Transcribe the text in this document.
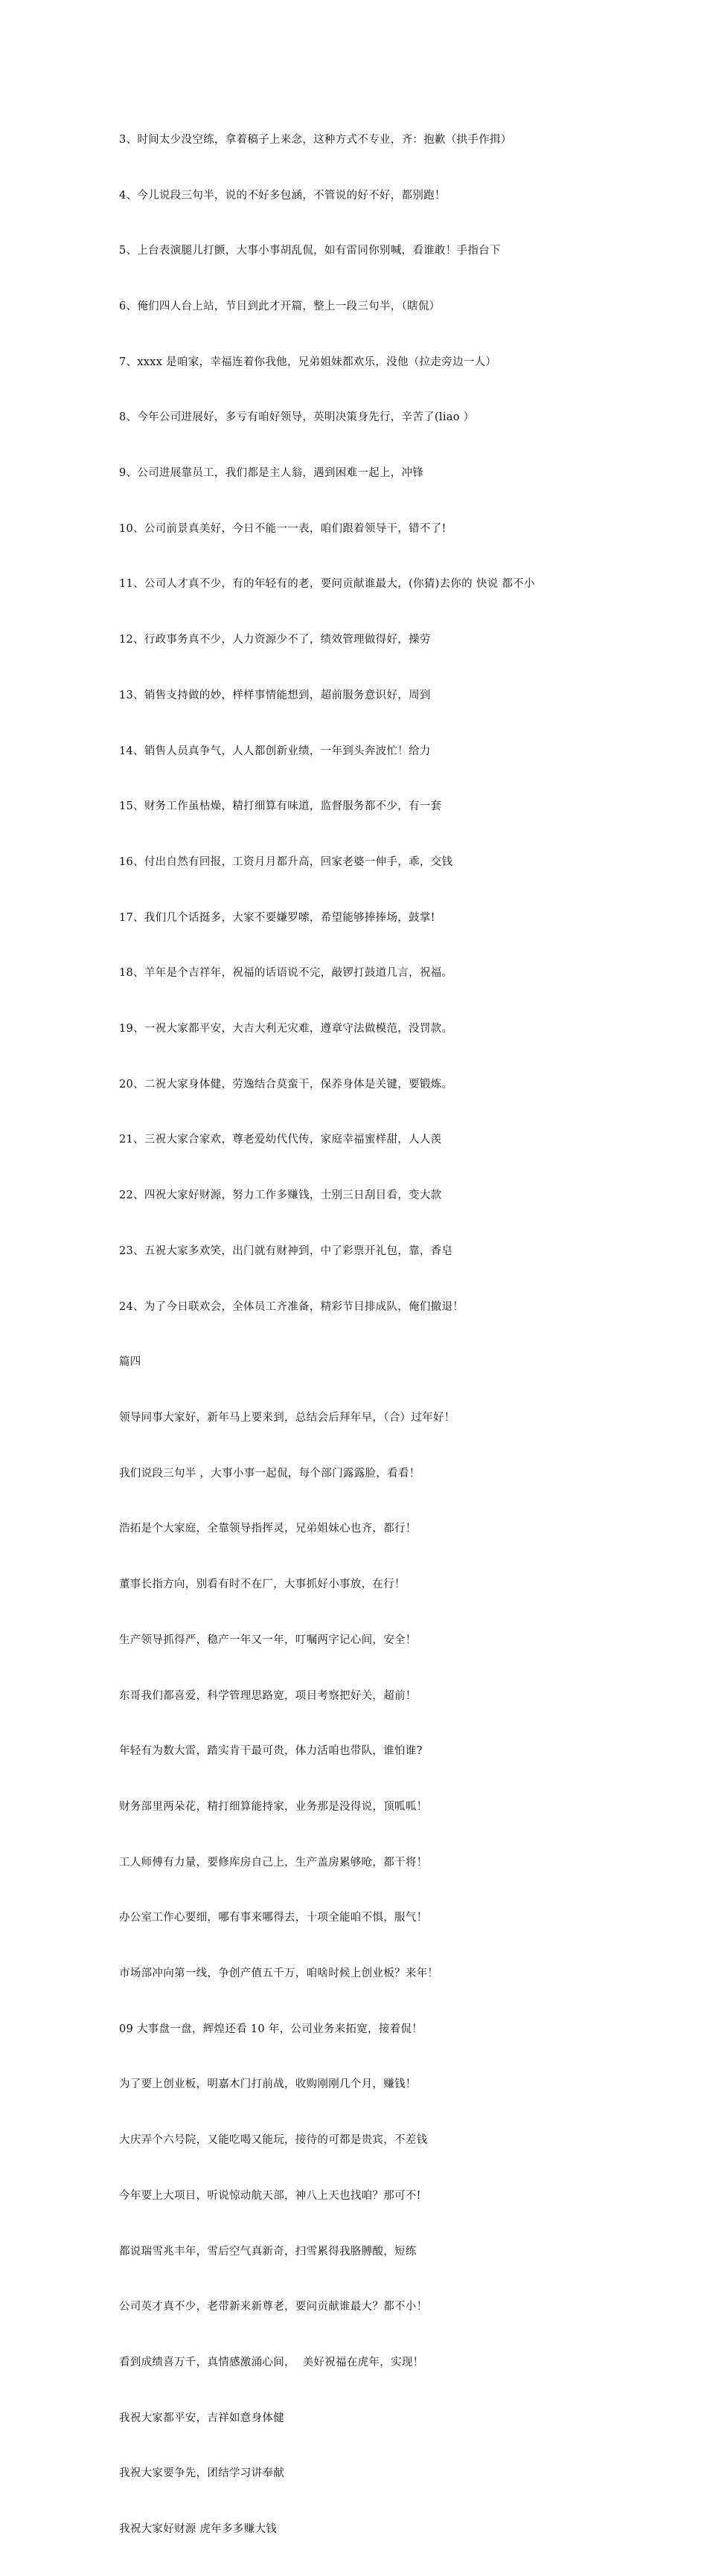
3、时间太少没空练，拿着稿子上来念，这种方式不专业，齐：抱歉（拱手作揖）

4、今儿说段三句半，说的不好多包涵，不管说的好不好，都别跑！

5、上台表演腿儿打颤，大事小事胡乱侃，如有雷同你别喊，看谁敢！手指台下

6、俺们四人台上站，节目到此才开篇，整上一段三句半，（瞎侃）

7、xxxx 是咱家，幸福连着你我他，兄弟姐妹都欢乐，没他（拉走旁边一人）

8、今年公司进展好，多亏有咱好领导，英明决策身先行，辛苦了(liao ）

9、公司进展靠员工，我们都是主人翁，遇到困难一起上，冲锋

10、公司前景真美好，今日不能一一表，咱们跟着领导干，错不了!

11、公司人才真不少，有的年轻有的老，要问贡献谁最大，(你猜)去你的 快说 都不小

12、行政事务真不少，人力资源少不了，绩效管理做得好，操劳

13、销售支持做的妙，样样事情能想到，超前服务意识好，周到

14、销售人员真争气，人人都创新业绩，一年到头奔波忙！给力

15、财务工作虽枯燥，精打细算有味道，监督服务都不少，有一套

16、付出自然有回报，工资月月都升高，回家老婆一伸手，乖，交钱

17、我们几个话挺多，大家不要嫌罗嗦，希望能够捧捧场，鼓掌!

18、羊年是个吉祥年，祝福的话语说不完，敲锣打鼓道几言，祝福。

19、一祝大家都平安，大吉大利无灾难，遵章守法做模范，没罚款。

20、二祝大家身体健，劳逸结合莫蛮干，保养身体是关键，要锻炼。

21、三祝大家合家欢，尊老爱幼代代传，家庭幸福蜜样甜，人人羡

22、四祝大家好财源，努力工作多赚钱，士别三日刮目看，变大款

23、五祝大家多欢笑，出门就有财神到，中了彩票开礼包，靠，香皂

24、为了今日联欢会，全体员工齐准备，精彩节目排成队，俺们撤退！

篇四

领导同事大家好，新年马上要来到，总结会后拜年早，（合）过年好！

我们说段三句半 ，大事小事一起侃，每个部门露露脸，看看！

浩拓是个大家庭，全靠领导指挥灵，兄弟姐妹心也齐，都行！

董事长指方向，别看有时不在厂，大事抓好小事放，在行！

生产领导抓得严，稳产一年又一年，叮嘱两字记心间，安全！

东哥我们都喜爱，科学管理思路宽，项目考察把好关，超前！

年轻有为数大雷，踏实肯干最可贵，体力活咱也带队，谁怕谁?

财务部里两朵花，精打细算能持家，业务那是没得说，顶呱呱！

工人师傅有力量，要修库房自己上，生产盖房累够呛，都干将！

办公室工作心要细，哪有事来哪得去，十项全能咱不惧，服气！

市场部冲向第一线，争创产值五千万，咱啥时候上创业板？来年！

09 大事盘一盘，辉煌还看 10 年，公司业务来拓宽，接着侃！

为了要上创业板，明嘉木门打前战，收购刚刚几个月，赚钱！

大庆弄个六号院，又能吃喝又能玩，接待的可都是贵宾，不差钱

今年要上大项目，听说惊动航天部，神八上天也找咱？那可不!

都说瑞雪兆丰年，雪后空气真新奇，扫雪累得我胳膊酸，短练

公司英才真不少，老带新来新尊老，要问贡献谁最大？都不小！

看到成绩喜万千，真情感激涌心间，  美好祝福在虎年，实现！

我祝大家都平安，吉祥如意身体健

我祝大家要争先，团结学习讲奉献

我祝大家好财源 虎年多多赚大钱
